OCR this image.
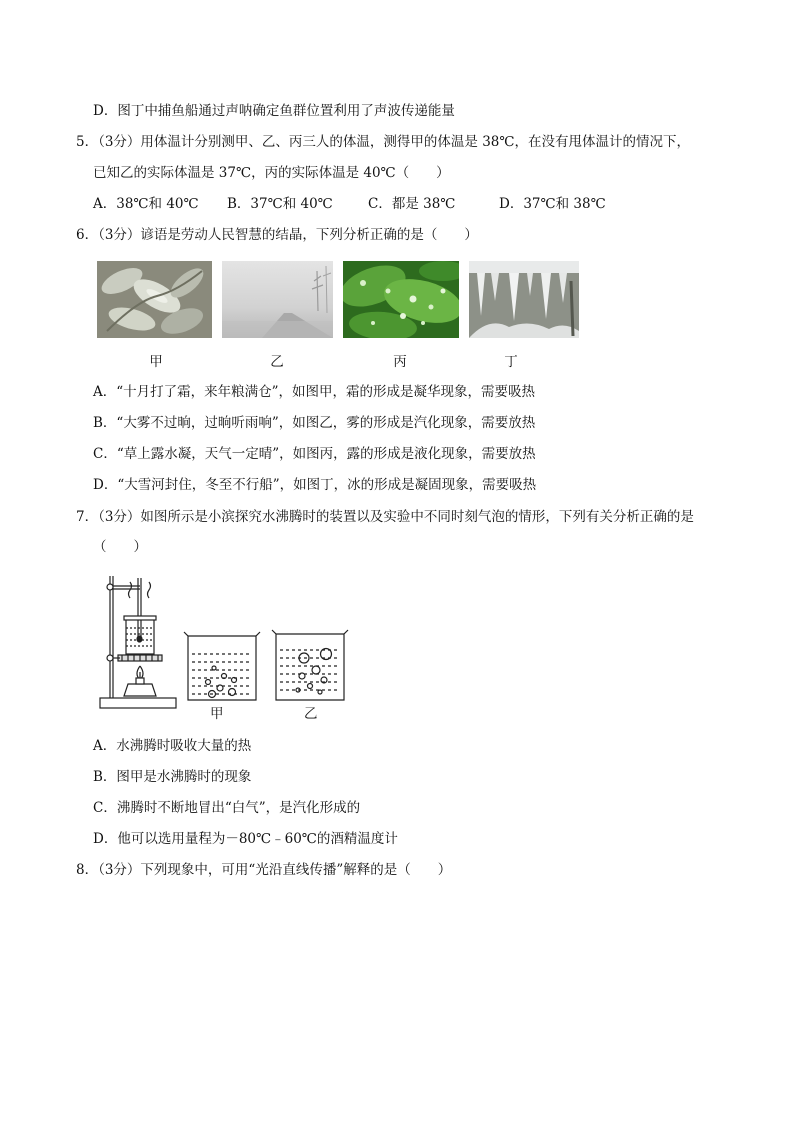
D．图丁中捕鱼船通过声呐确定鱼群位置利用了声波传递能量
5．（3分）用体温计分别测甲、乙、丙三人的体温，测得甲的体温是 38℃，在没有甩体温计的情况下，
已知乙的实际体温是 37℃，丙的实际体温是 40℃（　　）
A．38℃和 40℃ B．37℃和 40℃	C．都是 38℃	D．37℃和 38℃
6．（3分）谚语是劳动人民智慧的结晶，下列分析正确的是（　　）
甲	乙	丙	丁
A．“十月打了霜，来年粮满仓”，如图甲，霜的形成是凝华现象，需要吸热
B．“大雾不过晌，过晌听雨响”，如图乙，雾的形成是汽化现象，需要放热
C．“草上露水凝，天气一定晴”，如图丙，露的形成是液化现象，需要放热
D．“大雪河封住，冬至不行船”，如图丁，冰的形成是凝固现象，需要吸热
7．（3分）如图所示是小滨探究水沸腾时的装置以及实验中不同时刻气泡的情形，下列有关分析正确的是
（　　）
甲	乙
A．水沸腾时吸收大量的热
B．图甲是水沸腾时的现象
C．沸腾时不断地冒出“白气”，是汽化形成的
D．他可以选用量程为－80℃﹣60℃的酒精温度计
8．（3分）下列现象中，可用“光沿直线传播”解释的是（　　）
